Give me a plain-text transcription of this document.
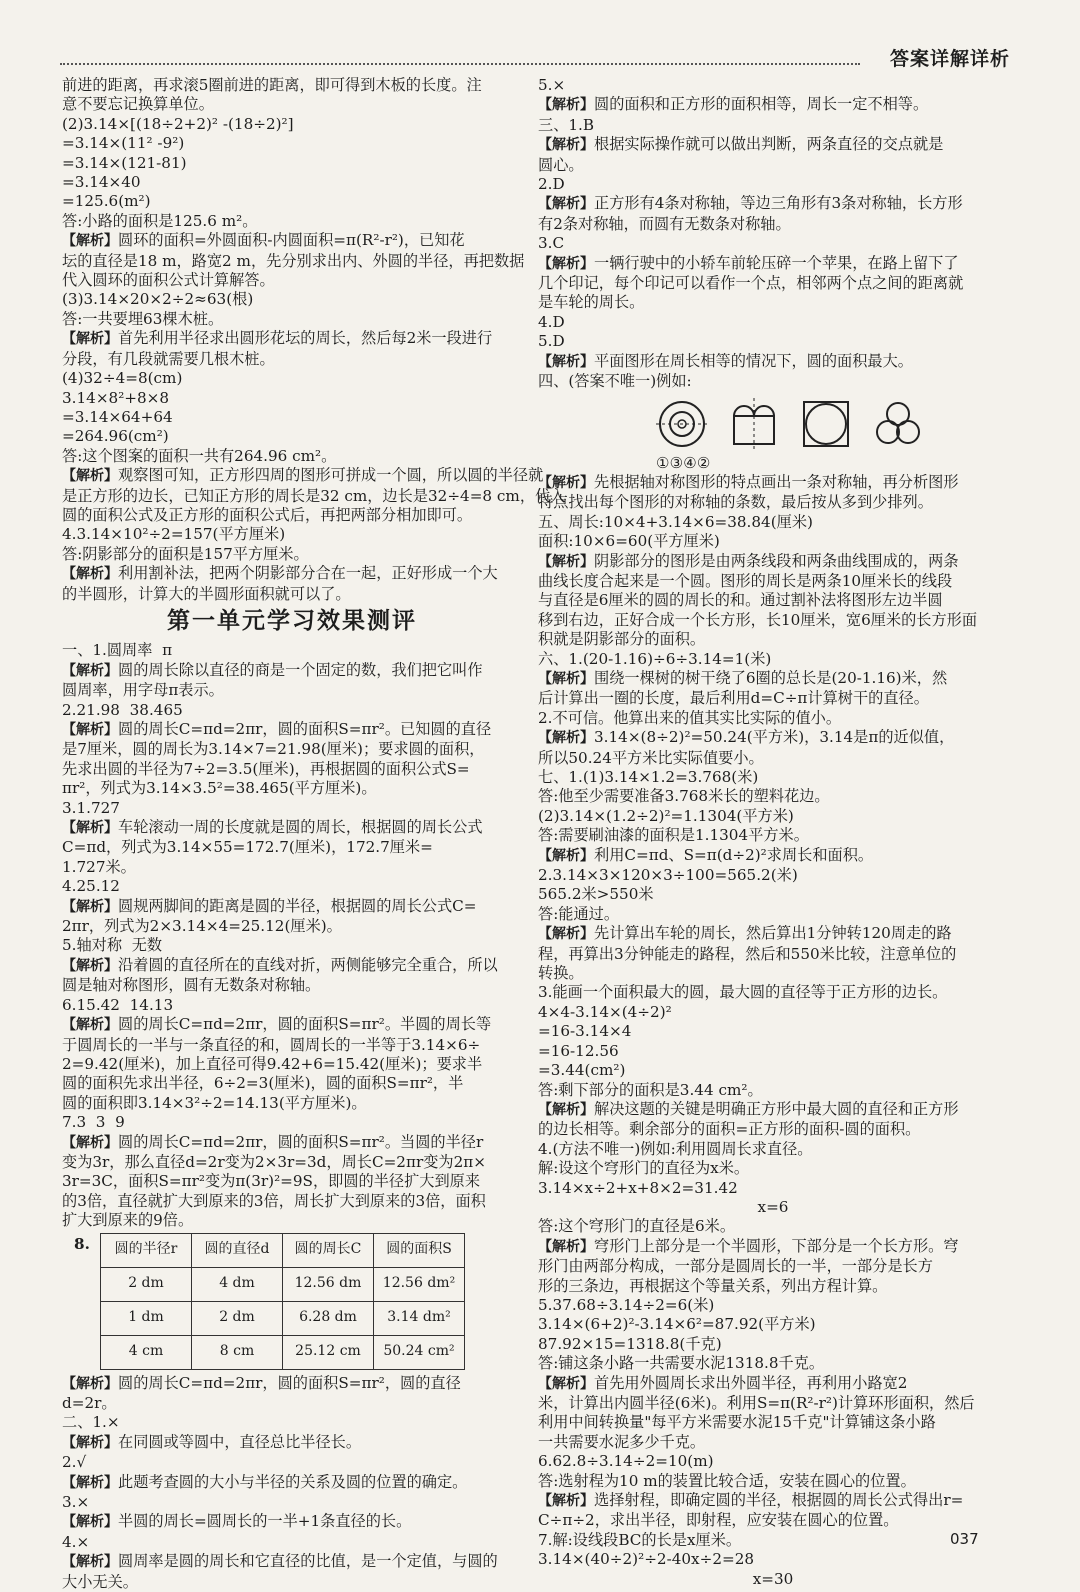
答案详解详析
前进的距离，再求滚5圈前进的距离，即可得到木板的长度。注
意不要忘记换算单位。
(2)3.14×[(18÷2+2)² -(18÷2)²]
=3.14×(11² -9²)
=3.14×(121-81)
=3.14×40
=125.6(m²)
答:小路的面积是125.6 m²。
【解析】圆环的面积=外圆面积-内圆面积=π(R²-r²)，已知花
坛的直径是18 m，路宽2 m，先分别求出内、外圆的半径，再把数据
代入圆环的面积公式计算解答。
(3)3.14×20×2÷2≈63(根)
答:一共要埋63棵木桩。
【解析】首先利用半径求出圆形花坛的周长，然后每2米一段进行
分段，有几段就需要几根木桩。
(4)32÷4=8(cm)
3.14×8²+8×8
=3.14×64+64
=264.96(cm²)
答:这个图案的面积一共有264.96 cm²。
【解析】观察图可知，正方形四周的图形可拼成一个圆，所以圆的半径就
是正方形的边长，已知正方形的周长是32 cm，边长是32÷4=8 cm，代入
圆的面积公式及正方形的面积公式后，再把两部分相加即可。
4.3.14×10²÷2=157(平方厘米)
答:阴影部分的面积是157平方厘米。
【解析】利用割补法，把两个阴影部分合在一起，正好形成一个大
的半圆形，计算大的半圆形面积就可以了。
第一单元学习效果测评
一、1.圆周率  π
【解析】圆的周长除以直径的商是一个固定的数，我们把它叫作
圆周率，用字母π表示。
2.21.98  38.465
【解析】圆的周长C=πd=2πr，圆的面积S=πr²。已知圆的直径
是7厘米，圆的周长为3.14×7=21.98(厘米)；要求圆的面积，
先求出圆的半径为7÷2=3.5(厘米)，再根据圆的面积公式S=
πr²，列式为3.14×3.5²=38.465(平方厘米)。
3.1.727
【解析】车轮滚动一周的长度就是圆的周长，根据圆的周长公式
C=πd，列式为3.14×55=172.7(厘米)，172.7厘米=
1.727米。
4.25.12
【解析】圆规两脚间的距离是圆的半径，根据圆的周长公式C=
2πr，列式为2×3.14×4=25.12(厘米)。
5.轴对称  无数
【解析】沿着圆的直径所在的直线对折，两侧能够完全重合，所以
圆是轴对称图形，圆有无数条对称轴。
6.15.42  14.13
【解析】圆的周长C=πd=2πr，圆的面积S=πr²。半圆的周长等
于圆周长的一半与一条直径的和，圆周长的一半等于3.14×6÷
2=9.42(厘米)，加上直径可得9.42+6=15.42(厘米)；要求半
圆的面积先求出半径，6÷2=3(厘米)，圆的面积S=πr²，半
圆的面积即3.14×3²÷2=14.13(平方厘米)。
7.3  3  9
【解析】圆的周长C=πd=2πr，圆的面积S=πr²。当圆的半径r
变为3r，那么直径d=2r变为2×3r=3d，周长C=2πr变为2π×
3r=3C，面积S=πr²变为π(3r)²=9S，即圆的半径扩大到原来
的3倍，直径就扩大到原来的3倍，周长扩大到原来的3倍，面积
扩大到原来的9倍。
8. 圆的半径r	圆的直径d	圆的周长C	圆的面积S
2 dm	4 dm	12.56 dm	12.56 dm²
1 dm	2 dm	6.28 dm	3.14 dm²
4 cm	8 cm	25.12 cm	50.24 cm²
【解析】圆的周长C=πd=2πr，圆的面积S=πr²，圆的直径
d=2r。
二、1.×
【解析】在同圆或等圆中，直径总比半径长。
2.√
【解析】此题考查圆的大小与半径的关系及圆的位置的确定。
3.×
【解析】半圆的周长=圆周长的一半+1条直径的长。
4.×
【解析】圆周率是圆的周长和它直径的比值，是一个定值，与圆的
大小无关。
5.×
【解析】圆的面积和正方形的面积相等，周长一定不相等。
三、1.B
【解析】根据实际操作就可以做出判断，两条直径的交点就是
圆心。
2.D
【解析】正方形有4条对称轴，等边三角形有3条对称轴，长方形
有2条对称轴，而圆有无数条对称轴。
3.C
【解析】一辆行驶中的小轿车前轮压碎一个苹果，在路上留下了
几个印记，每个印记可以看作一个点，相邻两个点之间的距离就
是车轮的周长。
4.D
5.D
【解析】平面图形在周长相等的情况下，圆的面积最大。
四、(答案不唯一)例如:
①③④②
【解析】先根据轴对称图形的特点画出一条对称轴，再分析图形
特点找出每个图形的对称轴的条数，最后按从多到少排列。
五、周长:10×4+3.14×6=38.84(厘米)
面积:10×6=60(平方厘米)
【解析】阴影部分的图形是由两条线段和两条曲线围成的，两条
曲线长度合起来是一个圆。图形的周长是两条10厘米长的线段
与直径是6厘米的圆的周长的和。通过割补法将图形左边半圆
移到右边，正好合成一个长方形，长10厘米，宽6厘米的长方形面
积就是阴影部分的面积。
六、1.(20-1.16)÷6÷3.14=1(米)
【解析】围绕一棵树的树干绕了6圈的总长是(20-1.16)米，然
后计算出一圈的长度，最后利用d=C÷π计算树干的直径。
2.不可信。他算出来的值其实比实际的值小。
【解析】3.14×(8÷2)²=50.24(平方米)，3.14是π的近似值，
所以50.24平方米比实际值要小。
七、1.(1)3.14×1.2=3.768(米)
答:他至少需要准备3.768米长的塑料花边。
(2)3.14×(1.2÷2)²=1.1304(平方米)
答:需要刷油漆的面积是1.1304平方米。
【解析】利用C=πd、S=π(d÷2)²求周长和面积。
2.3.14×3×120×3÷100=565.2(米)
565.2米>550米
答:能通过。
【解析】先计算出车轮的周长，然后算出1分钟转120周走的路
程，再算出3分钟能走的路程，然后和550米比较，注意单位的
转换。
3.能画一个面积最大的圆，最大圆的直径等于正方形的边长。
4×4-3.14×(4÷2)²
=16-3.14×4
=16-12.56
=3.44(cm²)
答:剩下部分的面积是3.44 cm²。
【解析】解决这题的关键是明确正方形中最大圆的直径和正方形
的边长相等。剩余部分的面积=正方形的面积-圆的面积。
4.(方法不唯一)例如:利用圆周长求直径。
解:设这个穹形门的直径为x米。
3.14×x÷2+x+8×2=31.42
x=6
答:这个穹形门的直径是6米。
【解析】穹形门上部分是一个半圆形，下部分是一个长方形。穹
形门由两部分构成，一部分是圆周长的一半，一部分是长方
形的三条边，再根据这个等量关系，列出方程计算。
5.37.68÷3.14÷2=6(米)
3.14×(6+2)²-3.14×6²=87.92(平方米)
87.92×15=1318.8(千克)
答:铺这条小路一共需要水泥1318.8千克。
【解析】首先用外圆周长求出外圆半径，再利用小路宽2
米，计算出内圆半径(6米)。利用S=π(R²-r²)计算环形面积，然后
利用中间转换量"每平方米需要水泥15千克"计算铺这条小路
一共需要水泥多少千克。
6.62.8÷3.14÷2=10(m)
答:选射程为10 m的装置比较合适，安装在圆心的位置。
【解析】选择射程，即确定圆的半径，根据圆的周长公式得出r=
C÷π÷2，求出半径，即射程，应安装在圆心的位置。
7.解:设线段BC的长是x厘米。
3.14×(40÷2)²÷2-40x÷2=28
x=30
037
